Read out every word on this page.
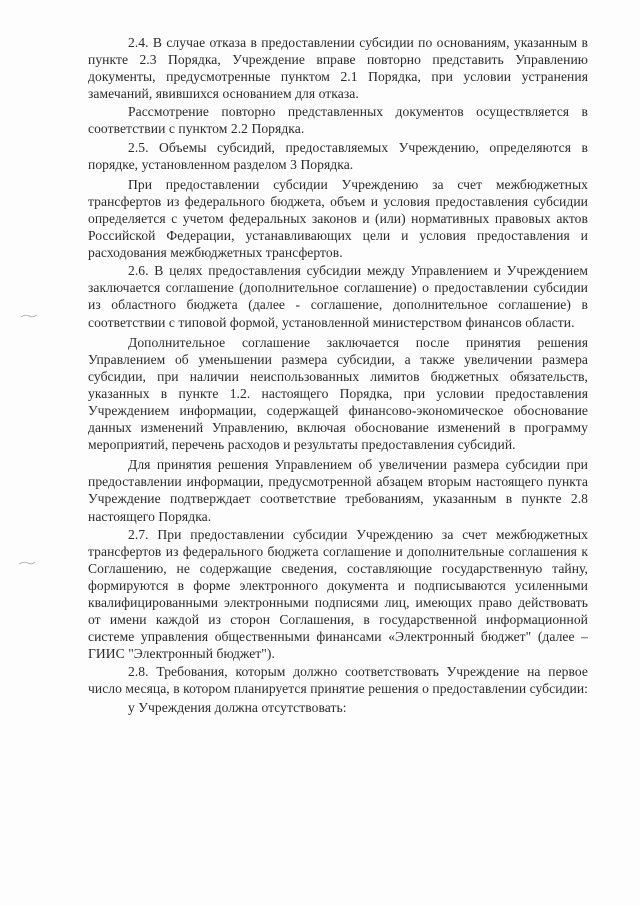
2.4. В случае отказа в предоставлении субсидии по основаниям, указанным в пункте 2.3 Порядка, Учреждение вправе повторно представить Управлению документы, предусмотренные пунктом 2.1 Порядка, при условии устранения замечаний, явившихся основанием для отказа.

Рассмотрение повторно представленных документов осуществляется в соответствии с пунктом 2.2 Порядка.

2.5. Объемы субсидий, предоставляемых Учреждению, определяются в порядке, установленном разделом 3 Порядка.

При предоставлении субсидии Учреждению за счет межбюджетных трансфертов из федерального бюджета, объем и условия предоставления субсидии определяется с учетом федеральных законов и (или) нормативных правовых актов Российской Федерации, устанавливающих цели и условия предоставления и расходования межбюджетных трансфертов.

2.6. В целях предоставления субсидии между Управлением и Учреждением заключается соглашение (дополнительное соглашение) о предоставлении субсидии из областного бюджета (далее - соглашение, дополнительное соглашение) в соответствии с типовой формой, установленной министерством финансов области.

Дополнительное соглашение заключается после принятия решения Управлением об уменьшении размера субсидии, а также увеличении размера субсидии, при наличии неиспользованных лимитов бюджетных обязательств, указанных в пункте 1.2. настоящего Порядка, при условии предоставления Учреждением информации, содержащей финансово-экономическое обоснование данных изменений Управлению, включая обоснование изменений в программу мероприятий, перечень расходов и результаты предоставления субсидий.

Для принятия решения Управлением об увеличении размера субсидии при предоставлении информации, предусмотренной абзацем вторым настоящего пункта Учреждение подтверждает соответствие требованиям, указанным в пункте 2.8 настоящего Порядка.

2.7. При предоставлении субсидии Учреждению за счет межбюджетных трансфертов из федерального бюджета соглашение и дополнительные соглашения к Соглашению, не содержащие сведения, составляющие государственную тайну, формируются в форме электронного документа и подписываются усиленными квалифицированными электронными подписями лиц, имеющих право действовать от имени каждой из сторон Соглашения, в государственной информационной системе управления общественными финансами «Электронный бюджет" (далее – ГИИС "Электронный бюджет").

2.8. Требования, которым должно соответствовать Учреждение на первое число месяца, в котором планируется принятие решения о предоставлении субсидии:

у Учреждения должна отсутствовать:
